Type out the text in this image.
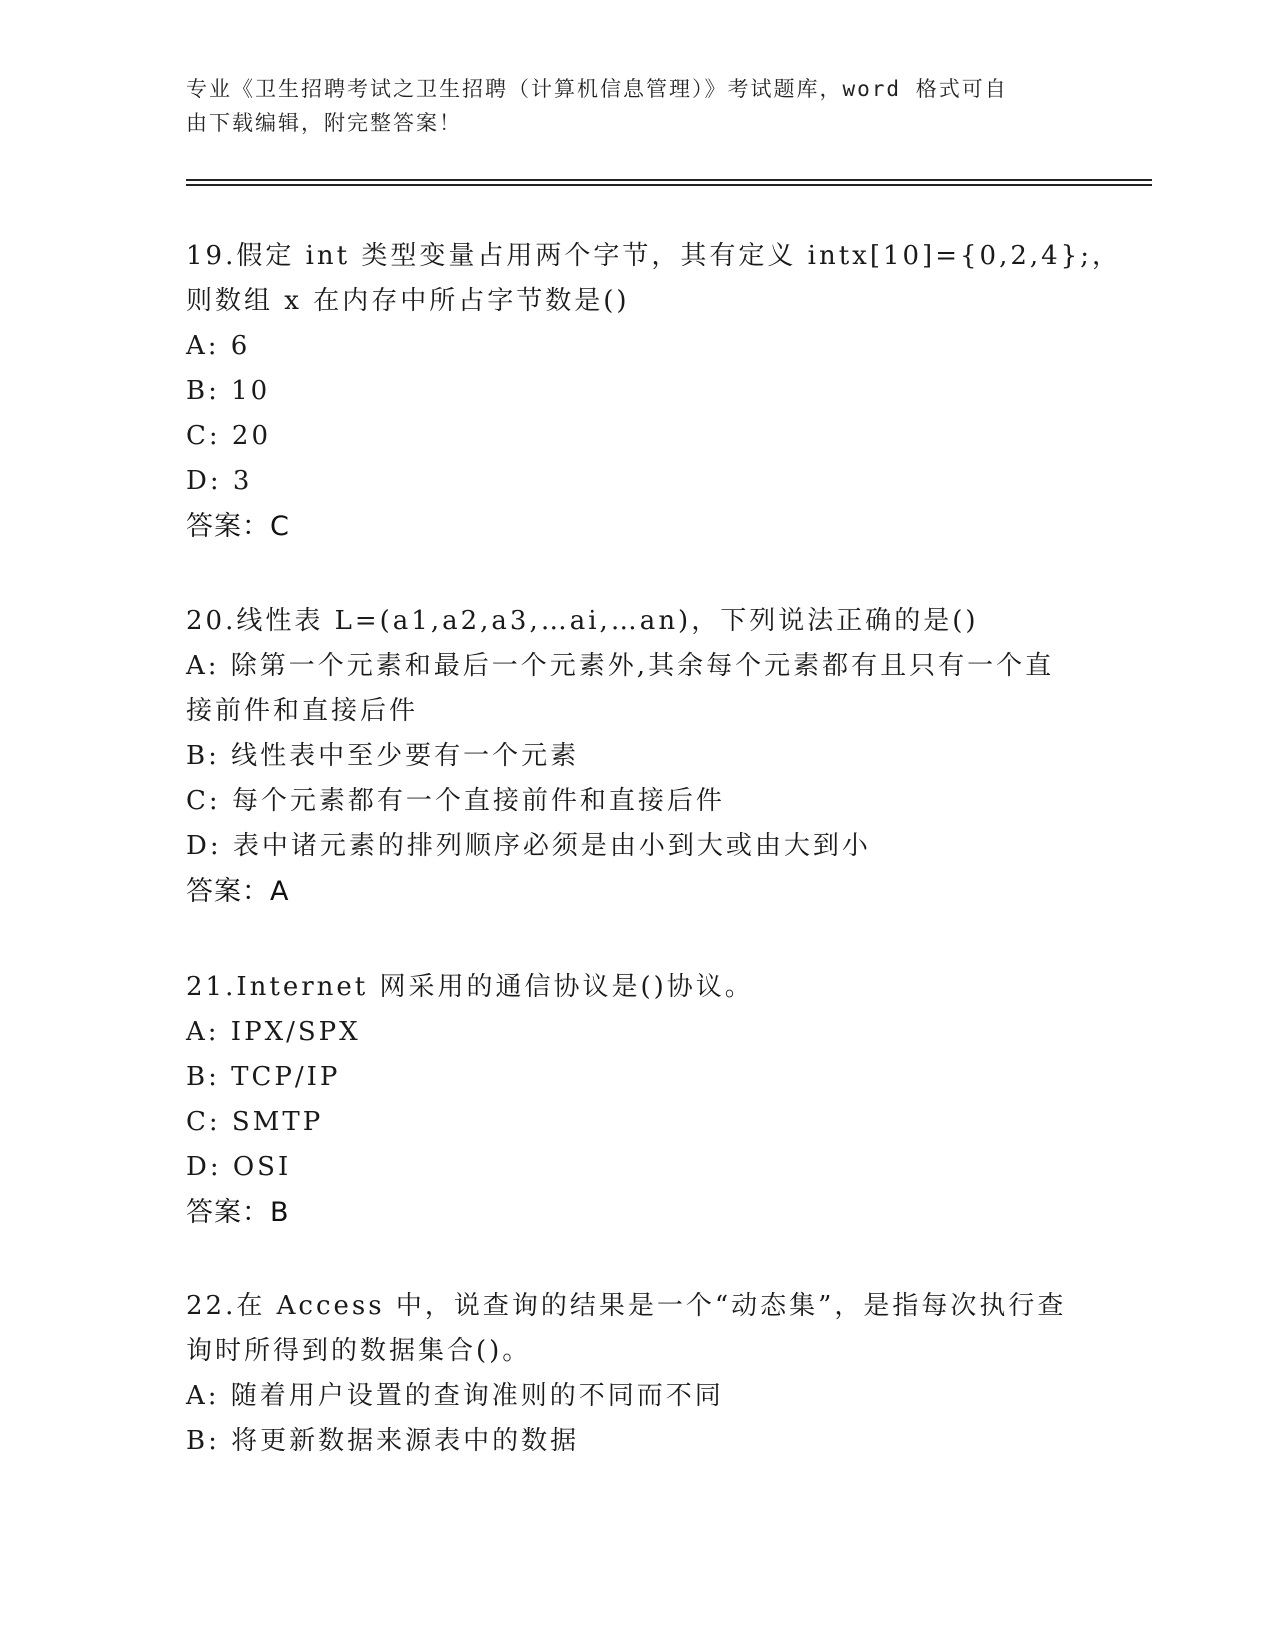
专业《卫生招聘考试之卫生招聘（计算机信息管理）》考试题库，word 格式可自
由下载编辑，附完整答案！
19.假定 int 类型变量占用两个字节，其有定义 intx[10]={0,2,4};，
则数组 x 在内存中所占字节数是()
A: 6
B: 10
C: 20
D: 3
答案：C
20.线性表 L=(a1,a2,a3,…ai,…an)，下列说法正确的是()
A: 除第一个元素和最后一个元素外,其余每个元素都有且只有一个直
接前件和直接后件
B: 线性表中至少要有一个元素
C: 每个元素都有一个直接前件和直接后件
D: 表中诸元素的排列顺序必须是由小到大或由大到小
答案：A
21.Internet 网采用的通信协议是()协议。
A: IPX/SPX
B: TCP/IP
C: SMTP
D: OSI
答案：B
22.在 Access 中，说查询的结果是一个“动态集”，是指每次执行查
询时所得到的数据集合()。
A: 随着用户设置的查询准则的不同而不同
B: 将更新数据来源表中的数据
